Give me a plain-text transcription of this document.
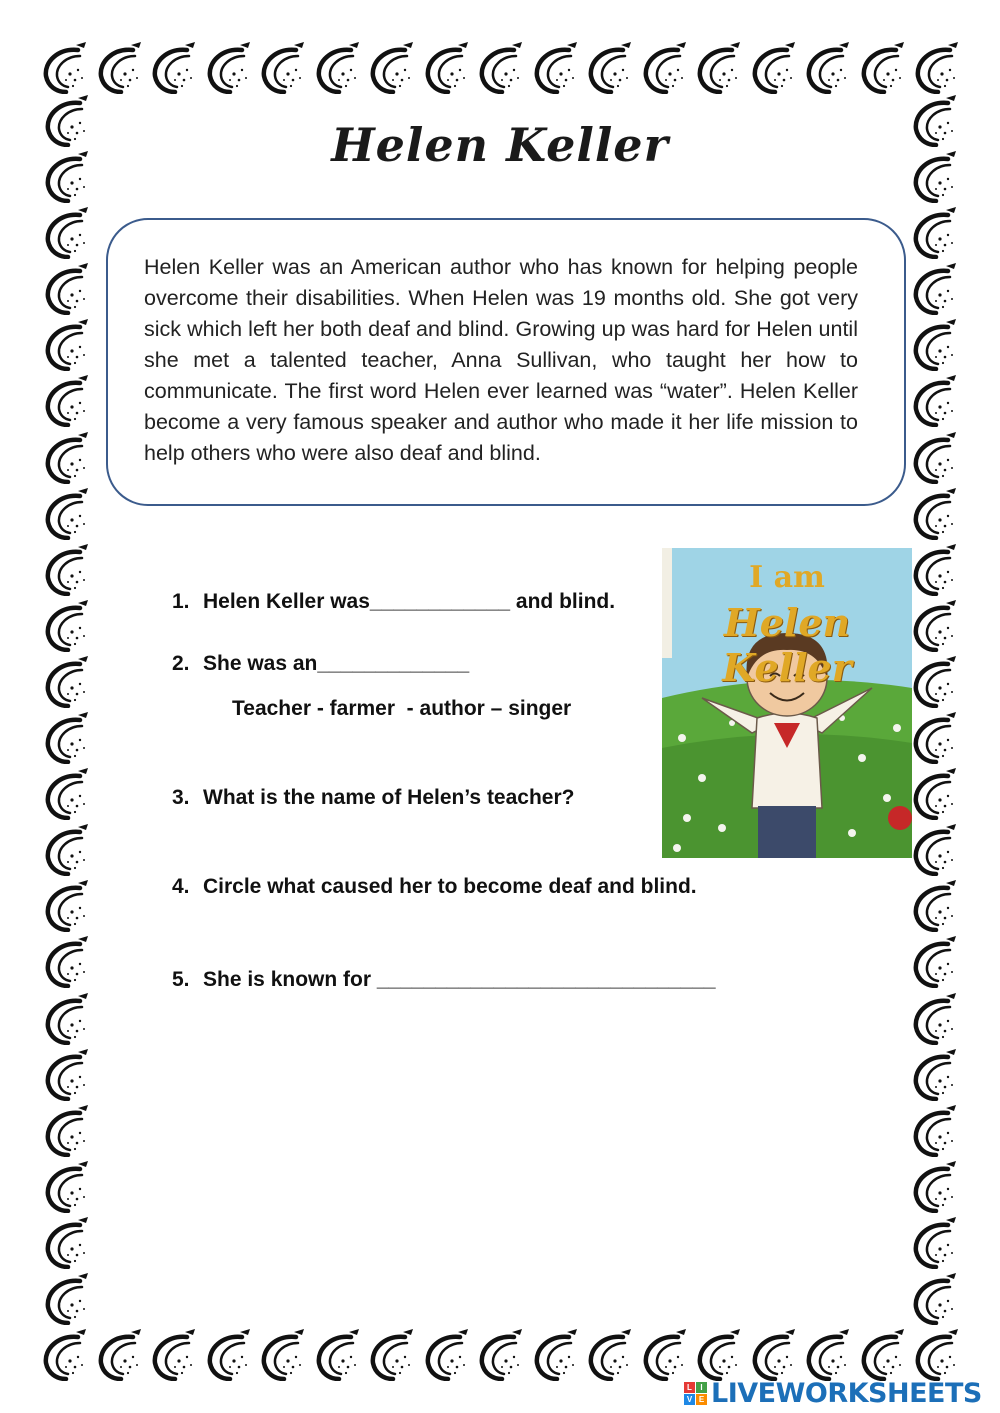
Helen Keller
Helen Keller was an American author who has known for helping people overcome their disabilities. When Helen was 19 months old. She got very sick which left her both deaf and blind. Growing up was hard for Helen until she met a talented teacher, Anna Sullivan, who taught her how to communicate. The first word Helen ever learned was “water”. Helen Keller become a very famous speaker and author who made it her life mission to help others who were also deaf and blind.
1. Helen Keller was____________ and blind.
2. She was an_____________
Teacher - farmer  - author – singer
3. What is the name of Helen’s teacher?
4. Circle what caused her to become deaf and blind.
5. She is known for _____________________________
I am
Helen Keller
L	I
V E LIVEWORKSHEETS
